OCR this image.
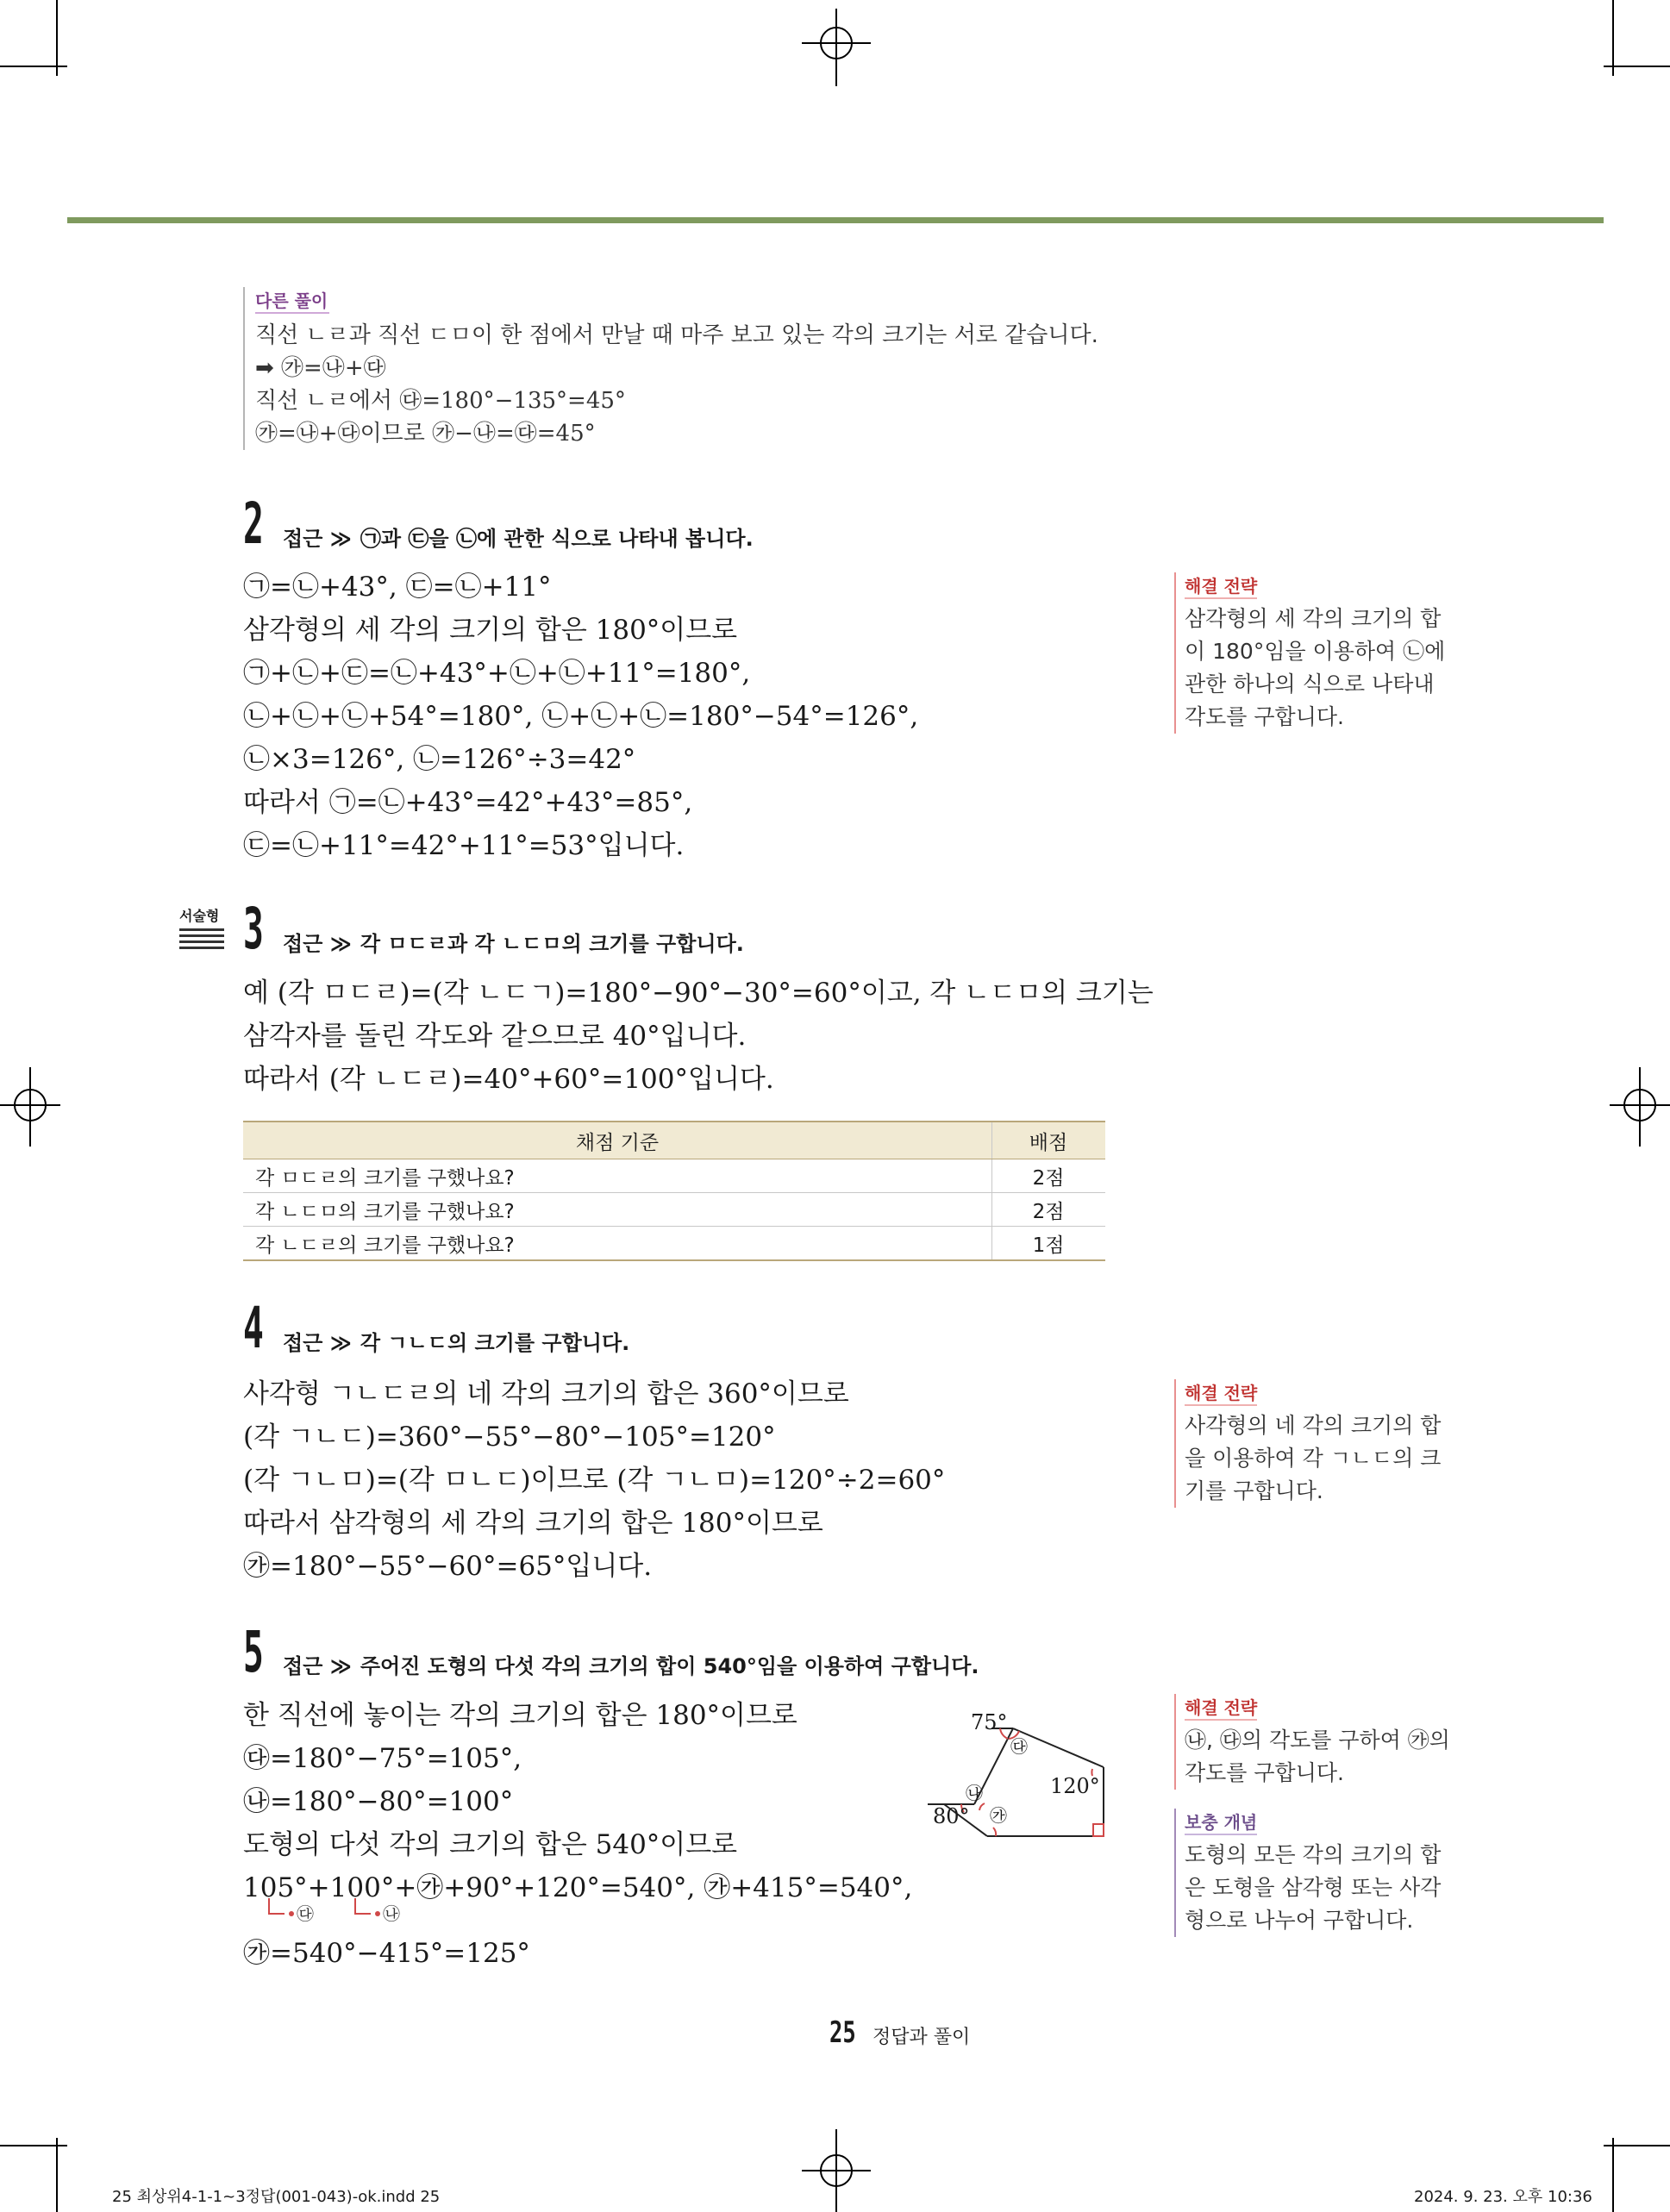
다른 풀이
직선 ㄴㄹ과 직선 ㄷㅁ이 한 점에서 만날 때 마주 보고 있는 각의 크기는 서로 같습니다.
➡ ㉮=㉯+㉰
직선 ㄴㄹ에서 ㉰=180°−135°=45°
㉮=㉯+㉰이므로 ㉮−㉯=㉰=45°
2 접근 ≫ ㉠과 ㉢을 ㉡에 관한 식으로 나타내 봅니다.
㉠=㉡+43°, ㉢=㉡+11°
삼각형의 세 각의 크기의 합은 180°이므로
㉠+㉡+㉢=㉡+43°+㉡+㉡+11°=180°,
㉡+㉡+㉡+54°=180°, ㉡+㉡+㉡=180°−54°=126°,
㉡×3=126°, ㉡=126°÷3=42°
따라서 ㉠=㉡+43°=42°+43°=85°,
㉢=㉡+11°=42°+11°=53°입니다.
해결 전략
삼각형의 세 각의 크기의 합
이 180°임을 이용하여 ㉡에
관한 하나의 식으로 나타내
각도를 구합니다.
서술형 3 접근 ≫ 각 ㅁㄷㄹ과 각 ㄴㄷㅁ의 크기를 구합니다.
예 (각 ㅁㄷㄹ)=(각 ㄴㄷㄱ)=180°−90°−30°=60°이고, 각 ㄴㄷㅁ의 크기는
삼각자를 돌린 각도와 같으므로 40°입니다.
따라서 (각 ㄴㄷㄹ)=40°+60°=100°입니다.
채점 기준	배점
각 ㅁㄷㄹ의 크기를 구했나요?	2점
각 ㄴㄷㅁ의 크기를 구했나요?	2점
각 ㄴㄷㄹ의 크기를 구했나요?	1점
4 접근 ≫ 각 ㄱㄴㄷ의 크기를 구합니다.
사각형 ㄱㄴㄷㄹ의 네 각의 크기의 합은 360°이므로
(각 ㄱㄴㄷ)=360°−55°−80°−105°=120°
(각 ㄱㄴㅁ)=(각 ㅁㄴㄷ)이므로 (각 ㄱㄴㅁ)=120°÷2=60°
따라서 삼각형의 세 각의 크기의 합은 180°이므로
㉮=180°−55°−60°=65°입니다.
해결 전략
사각형의 네 각의 크기의 합
을 이용하여 각 ㄱㄴㄷ의 크
기를 구합니다.
5 접근 ≫ 주어진 도형의 다섯 각의 크기의 합이 540°임을 이용하여 구합니다.
한 직선에 놓이는 각의 크기의 합은 180°이므로
㉰=180°−75°=105°,
㉯=180°−80°=100°
도형의 다섯 각의 크기의 합은 540°이므로
105°+100°+㉮+90°+120°=540°, ㉮+415°=540°,
㉮=540°−415°=125°
㉰	㉯
75°
80°
120°
㉰
㉯
㉮
해결 전략
㉯, ㉰의 각도를 구하여 ㉮의
각도를 구합니다.
보충 개념
도형의 모든 각의 크기의 합
은 도형을 삼각형 또는 사각
형으로 나누어 구합니다.
25 정답과 풀이
25 최상위4-1-1~3정답(001-043)-ok.indd 25	2024. 9. 23. 오후 10:36
